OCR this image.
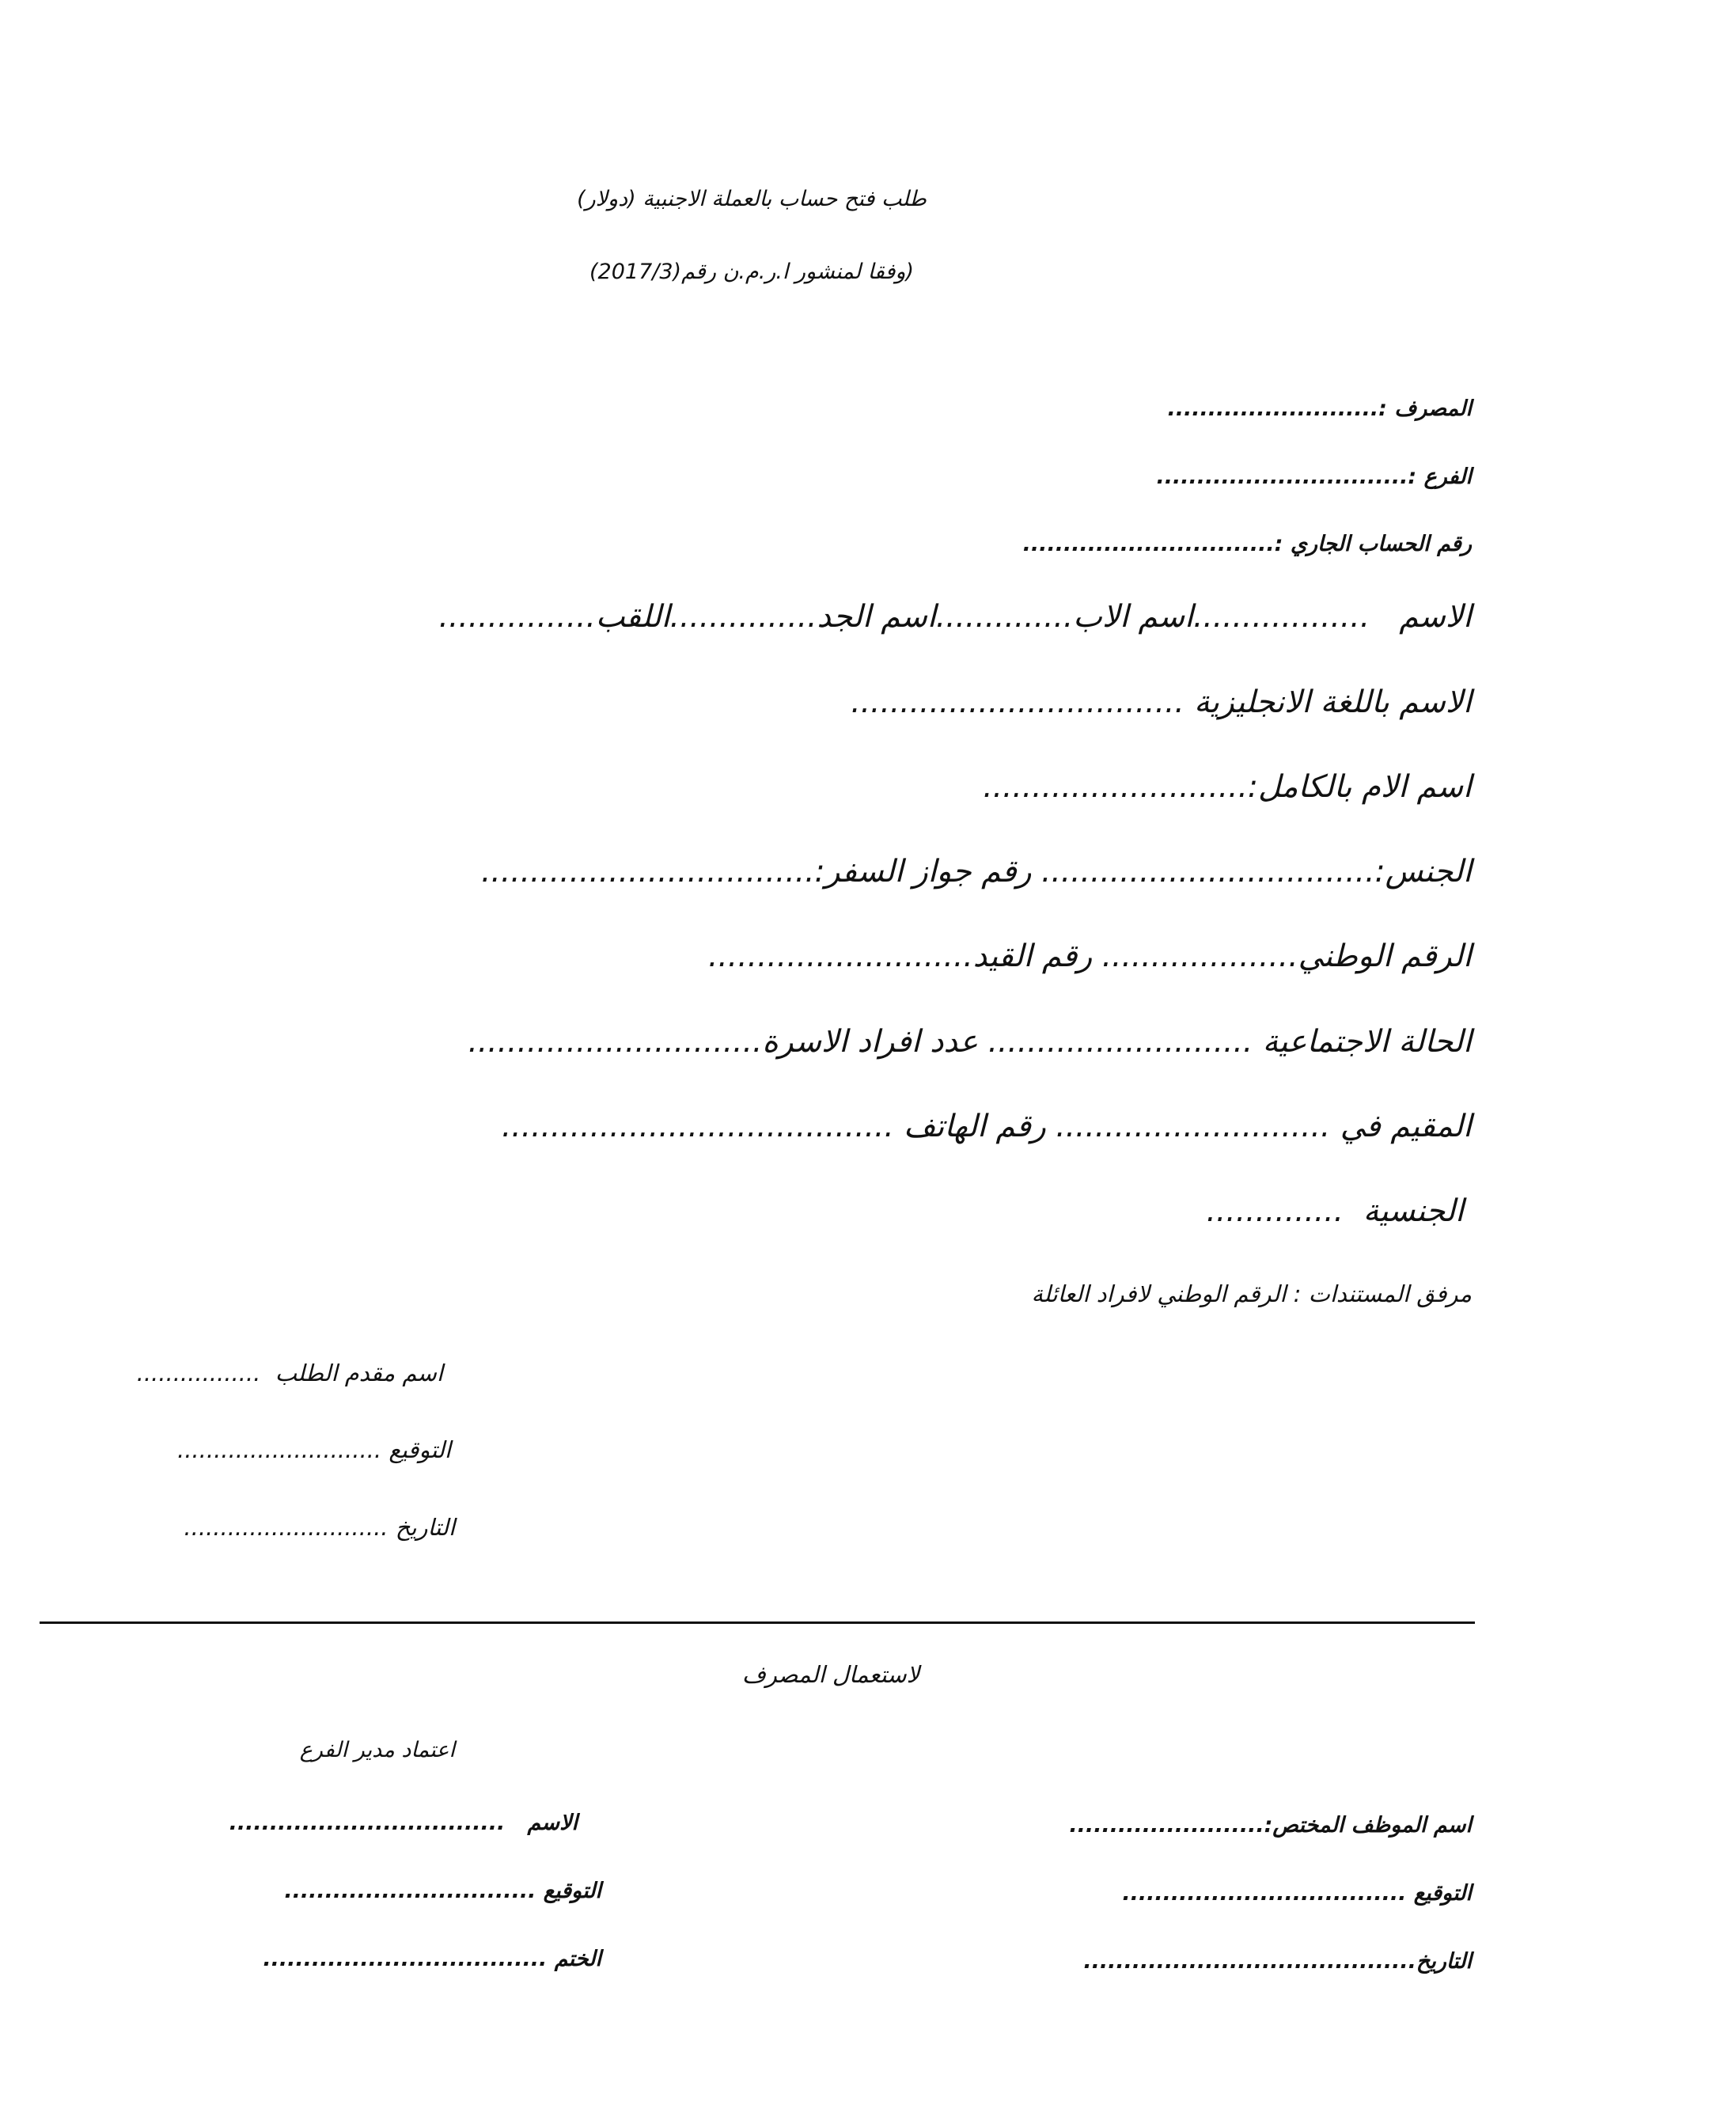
طلب فتح حساب بالعملة الاجنبية (دولار)
(وفقا لمنشور ا.ر.م.ن رقم(2017/3)
المصرف :..........................
الفرع :...............................
رقم الحساب الجاري :...............................
الاسم   ..................اسم الاب..............اسم الجد...............اللقب................
الاسم باللغة الانجليزية ..................................
اسم الام بالكامل:...........................
الجنس:.................................. رقم جواز السفر:..................................
الرقم الوطني.................... رقم القيد...........................
الحالة الاجتماعية ........................... عدد افراد الاسرة..............................
المقيم في ............................ رقم الهاتف ........................................
الجنسية  ..............
مرفق المستندات : الرقم الوطني لافراد العائلة
اسم مقدم الطلب  .................
التوقيع ............................
التاريخ ............................
لاستعمال المصرف
اعتماد مدير الفرع
اسم الموظف المختص:........................
التوقيع ...................................
التاريخ.........................................
الاسم   ..................................
التوقيع ...............................
الختم ...................................
